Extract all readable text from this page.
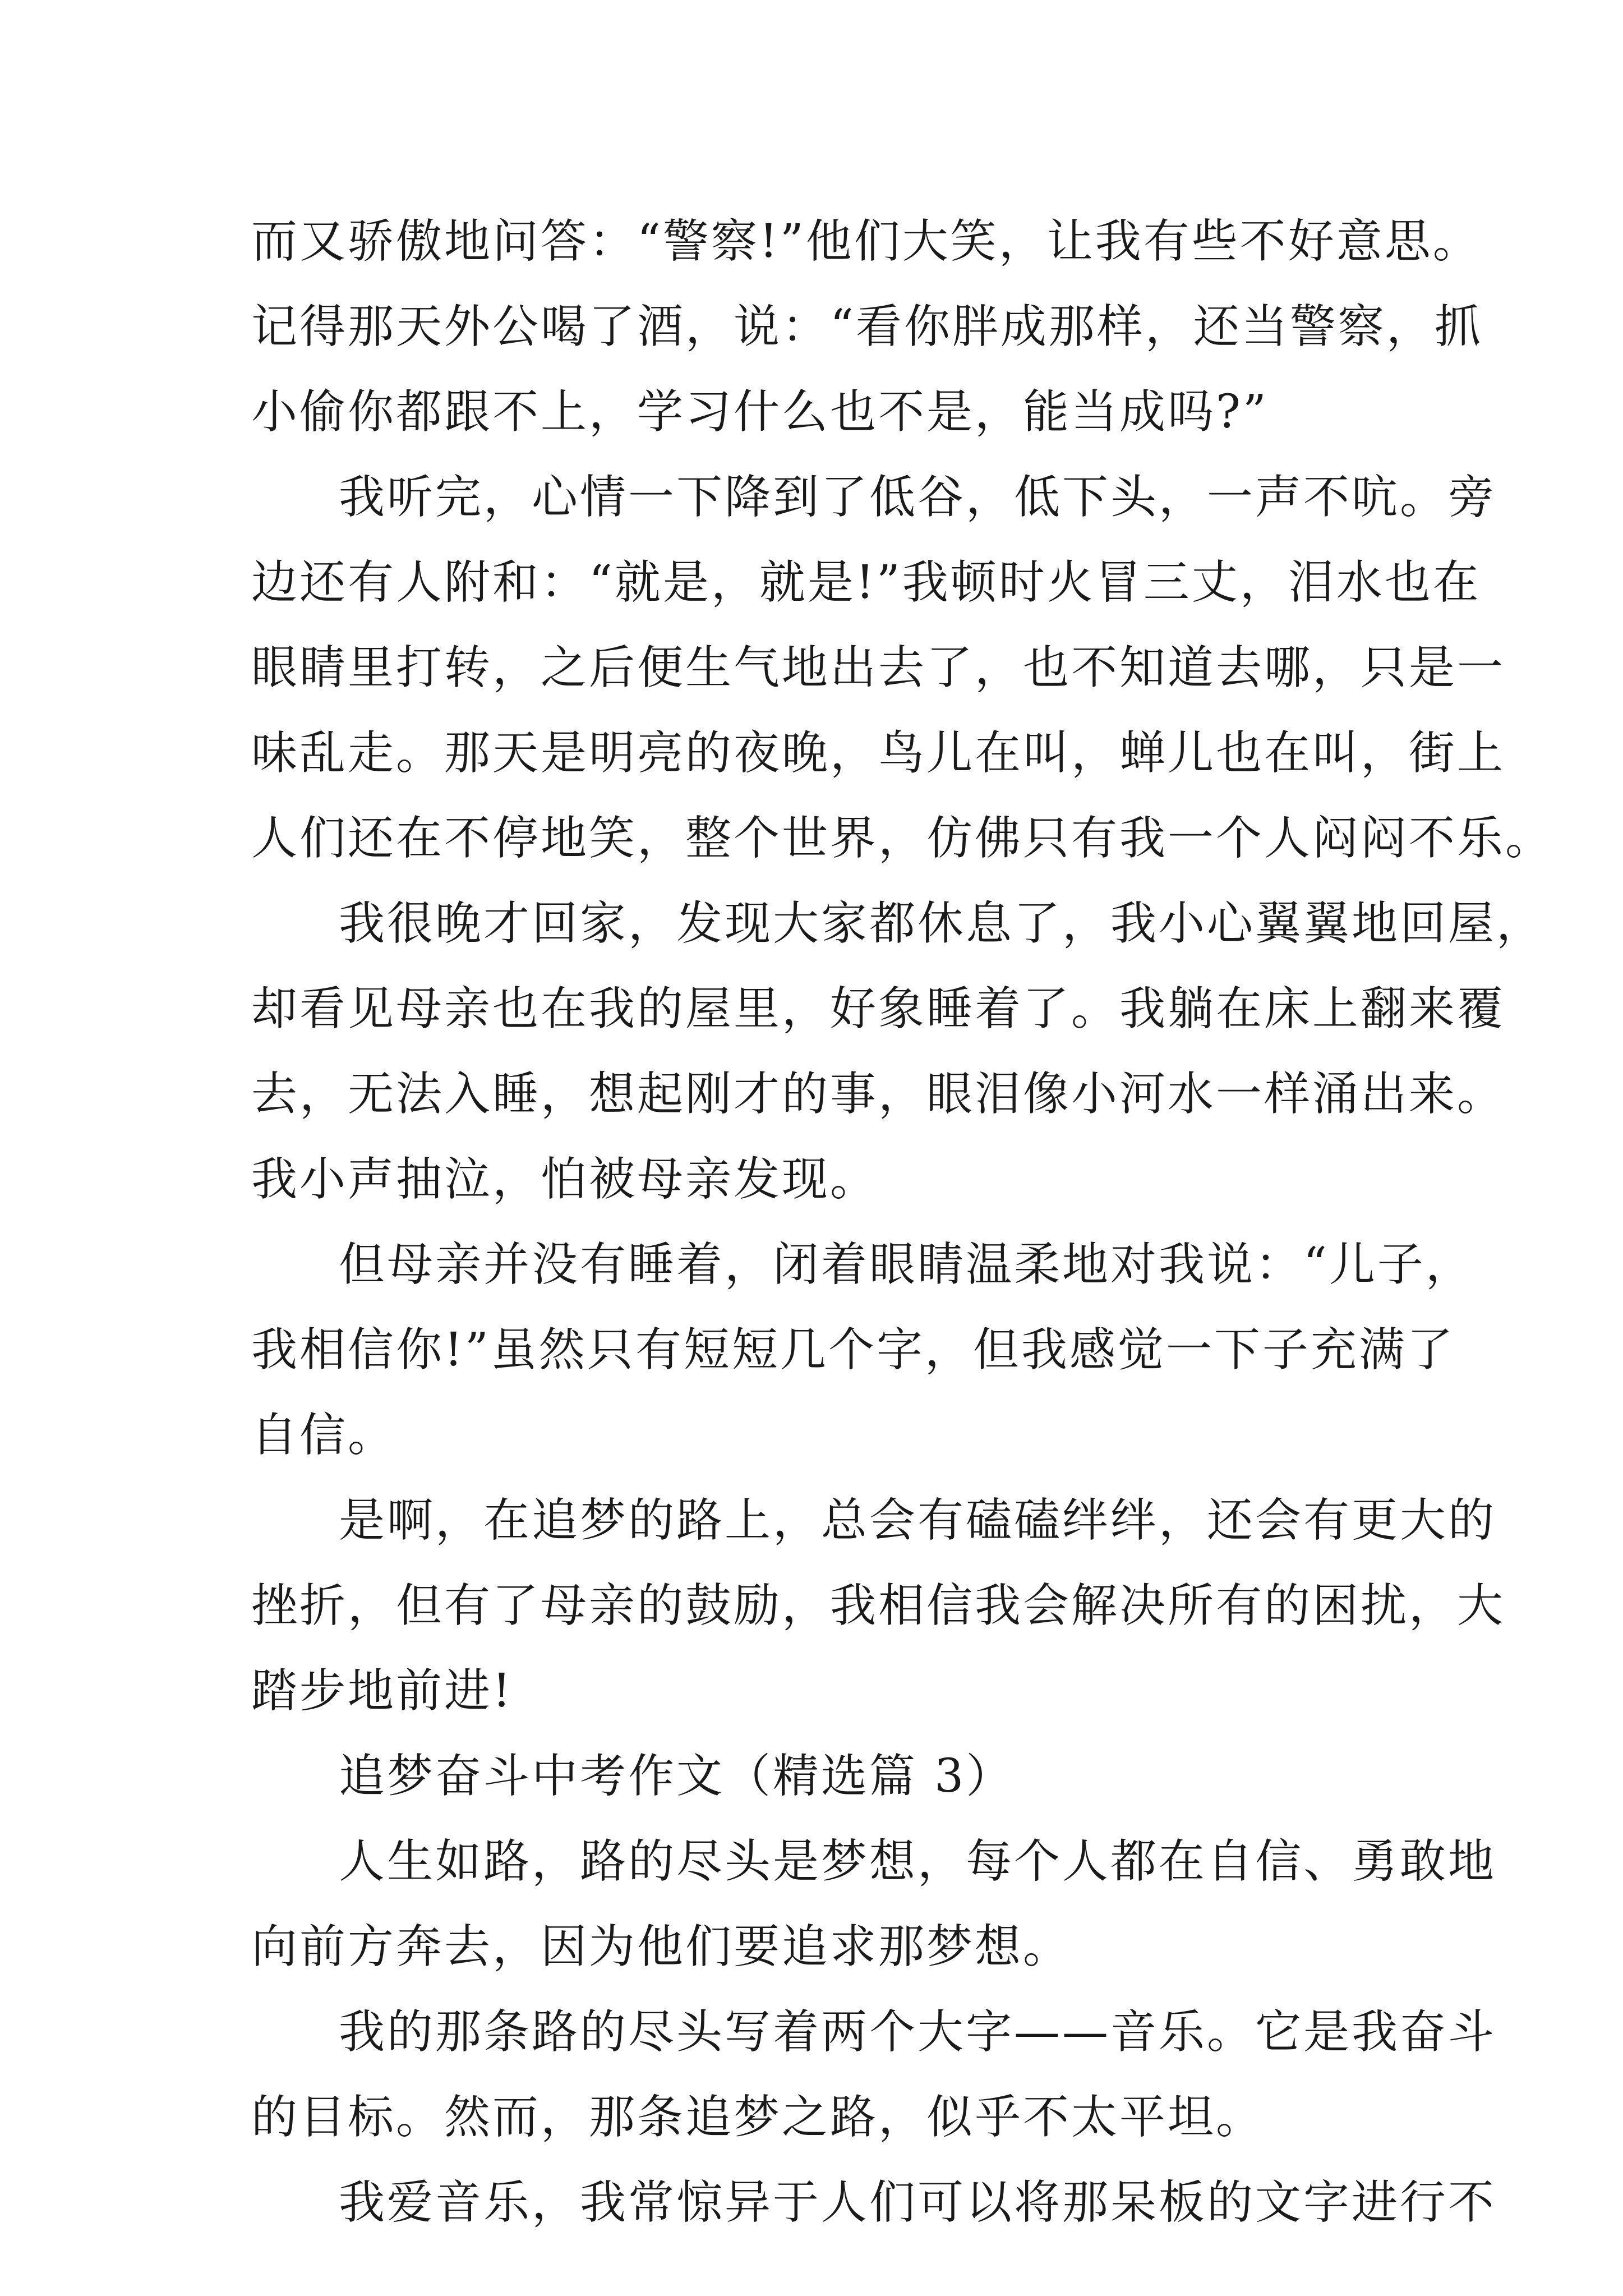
而又骄傲地问答：“警察!”他们大笑，让我有些不好意思。
记得那天外公喝了酒，说：“看你胖成那样，还当警察，抓
小偷你都跟不上，学习什么也不是，能当成吗?”
我听完，心情一下降到了低谷，低下头，一声不吭。旁
边还有人附和：“就是，就是!”我顿时火冒三丈，泪水也在
眼睛里打转，之后便生气地出去了，也不知道去哪，只是一
味乱走。那天是明亮的夜晚，鸟儿在叫，蝉儿也在叫，街上
人们还在不停地笑，整个世界，仿佛只有我一个人闷闷不乐。
我很晚才回家，发现大家都休息了，我小心翼翼地回屋，
却看见母亲也在我的屋里，好象睡着了。我躺在床上翻来覆
去，无法入睡，想起刚才的事，眼泪像小河水一样涌出来。
我小声抽泣，怕被母亲发现。
但母亲并没有睡着，闭着眼睛温柔地对我说：“儿子，
我相信你!”虽然只有短短几个字，但我感觉一下子充满了
自信。
是啊，在追梦的路上，总会有磕磕绊绊，还会有更大的
挫折，但有了母亲的鼓励，我相信我会解决所有的困扰，大
踏步地前进!
追梦奋斗中考作文（精选篇 3）
人生如路，路的尽头是梦想，每个人都在自信、勇敢地
向前方奔去，因为他们要追求那梦想。
我的那条路的尽头写着两个大字——音乐。它是我奋斗
的目标。然而，那条追梦之路，似乎不太平坦。
我爱音乐，我常惊异于人们可以将那呆板的文字进行不
